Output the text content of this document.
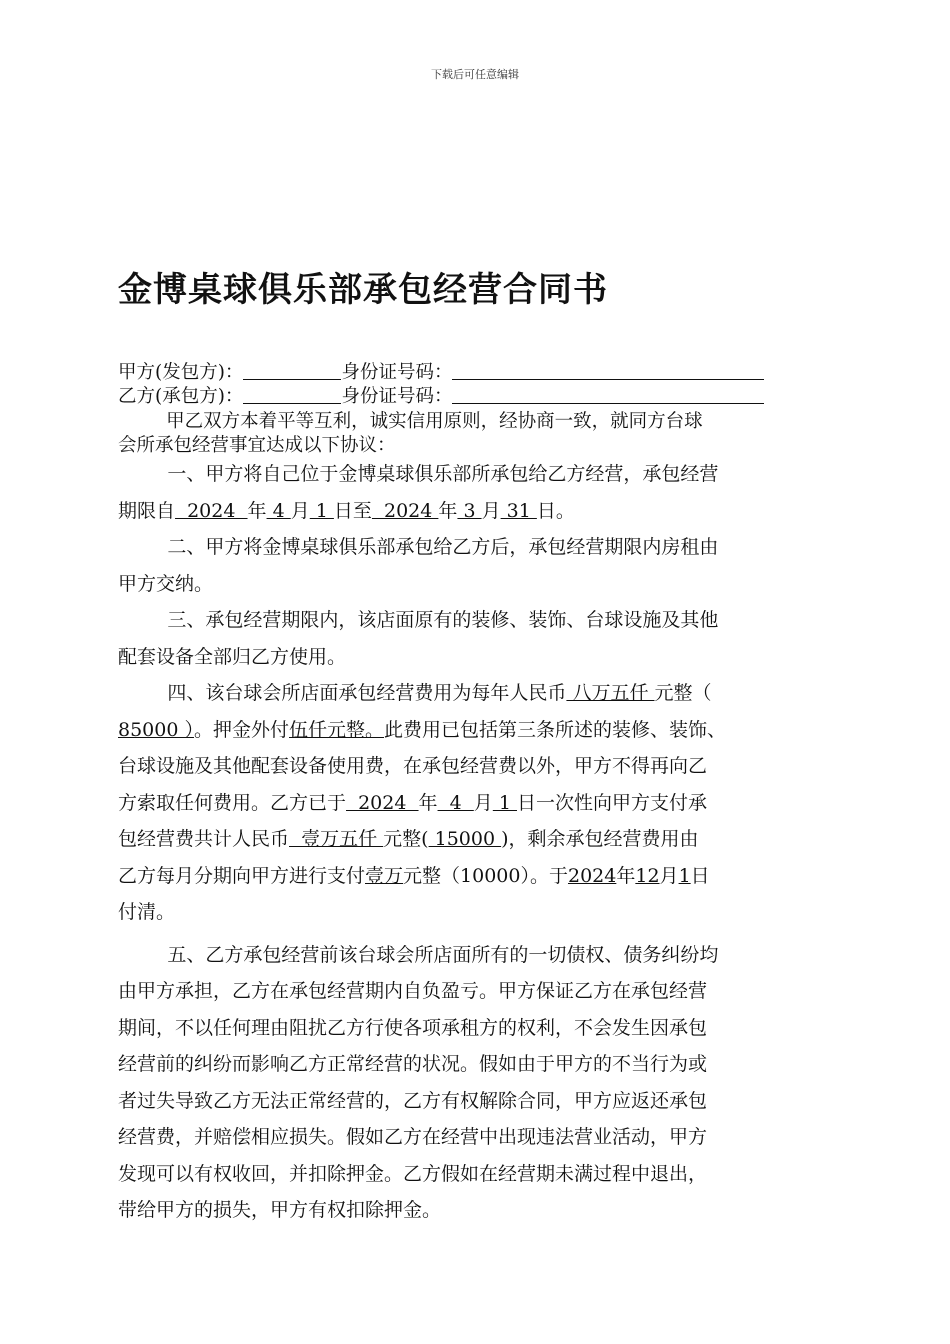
下载后可任意编辑
金博桌球俱乐部承包经营合同书
甲方(发包方)：	身份证号码：
乙方(承包方)：	身份证号码：

甲乙双方本着平等互利，诚实信用原则，经协商一致，就同方台球

会所承包经营事宜达成以下协议：

一、甲方将自己位于金博桌球俱乐部所承包给乙方经营，承包经营

期限自  2024  年 4 月 1 日至  2024 年 3 月 31 日。

二、甲方将金博桌球俱乐部承包给乙方后，承包经营期限内房租由

甲方交纳。

三、承包经营期限内，该店面原有的装修、装饰、台球设施及其他

配套设备全部归乙方使用。

四、该台球会所店面承包经营费用为每年人民币 八万五仟 元整（

85000 ）。押金外付伍仟元整。此费用已包括第三条所述的装修、装饰、

台球设施及其他配套设备使用费，在承包经营费以外，甲方不得再向乙

方索取任何费用。乙方已于  2024  年  4  月 1 日一次性向甲方支付承

包经营费共计人民币  壹万五仟 元整( 15000 )，剩余承包经营费用由

乙方每月分期向甲方进行支付壹万元整（10000）。于2024年12月1日

付清。

五、乙方承包经营前该台球会所店面所有的一切债权、债务纠纷均

由甲方承担，乙方在承包经营期内自负盈亏。甲方保证乙方在承包经营

期间，不以任何理由阻扰乙方行使各项承租方的权利，不会发生因承包

经营前的纠纷而影响乙方正常经营的状况。假如由于甲方的不当行为或

者过失导致乙方无法正常经营的，乙方有权解除合同，甲方应返还承包

经营费，并赔偿相应损失。假如乙方在经营中出现违法营业活动，甲方

发现可以有权收回，并扣除押金。乙方假如在经营期未满过程中退出，

带给甲方的损失，甲方有权扣除押金。
